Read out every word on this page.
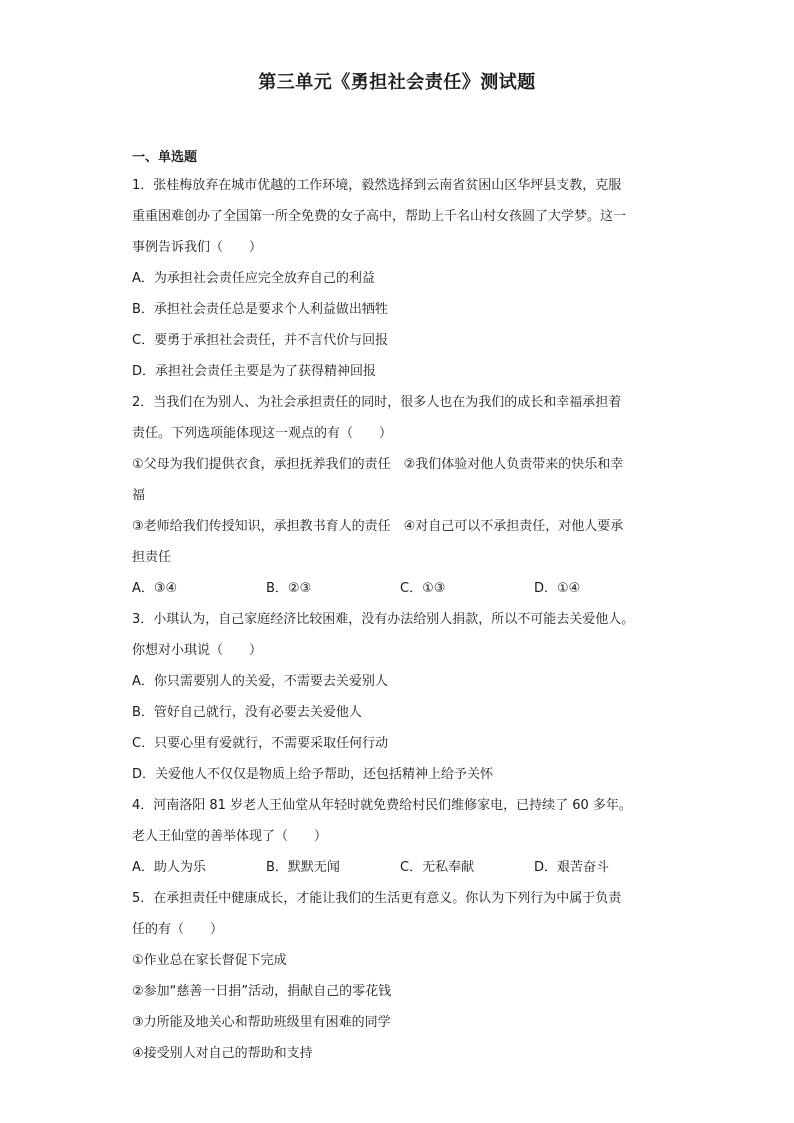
第三单元《勇担社会责任》测试题
一、单选题
1．张桂梅放弃在城市优越的工作环境，毅然选择到云南省贫困山区华坪县支教，克服
重重困难创办了全国第一所全免费的女子高中，帮助上千名山村女孩圆了大学梦。这一
事例告诉我们（　　）
A．为承担社会责任应完全放弃自己的利益
B．承担社会责任总是要求个人利益做出牺牲
C．要勇于承担社会责任，并不言代价与回报
D．承担社会责任主要是为了获得精神回报
2．当我们在为别人、为社会承担责任的同时，很多人也在为我们的成长和幸福承担着
责任。下列选项能体现这一观点的有（　　）
①父母为我们提供衣食，承担抚养我们的责任　②我们体验对他人负责带来的快乐和幸
福
③老师给我们传授知识，承担教书育人的责任　④对自己可以不承担责任，对他人要承
担责任
A．③④	B．②③	C．①③	D．①④
3．小琪认为，自己家庭经济比较困难，没有办法给别人捐款，所以不可能去关爱他人。
你想对小琪说（　　）
A．你只需要别人的关爱，不需要去关爱别人
B．管好自己就行，没有必要去关爱他人
C．只要心里有爱就行，不需要采取任何行动
D．关爱他人不仅仅是物质上给予帮助，还包括精神上给予关怀
4．河南洛阳 81 岁老人王仙堂从年轻时就免费给村民们维修家电，已持续了 60 多年。
老人王仙堂的善举体现了（　　）
A．助人为乐	B．默默无闻	C．无私奉献	D．艰苦奋斗
5．在承担责任中健康成长，才能让我们的生活更有意义。你认为下列行为中属于负责
任的有（　　）
①作业总在家长督促下完成
②参加“慈善一日捐”活动，捐献自己的零花钱
③力所能及地关心和帮助班级里有困难的同学
④接受别人对自己的帮助和支持
